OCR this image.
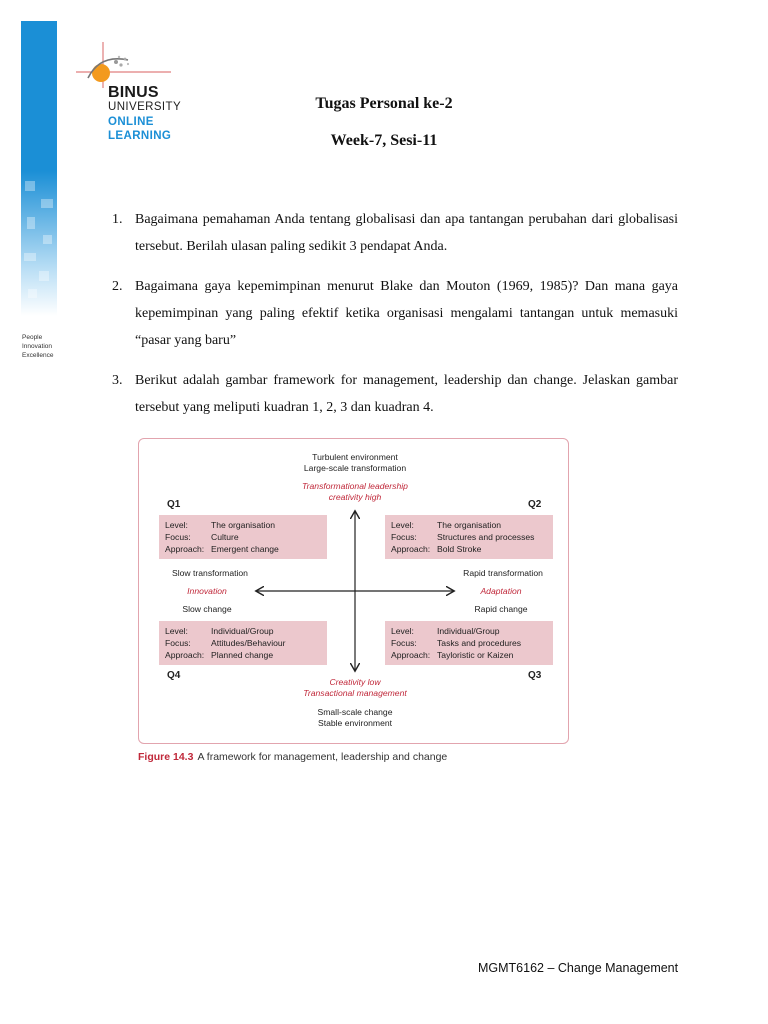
People
Innovation
Excellence
BINUS
UNIVERSITY
ONLINE
LEARNING
Tugas Personal ke-2
Week-7, Sesi-11
1. Bagaimana pemahaman Anda tentang globalisasi dan apa tantangan perubahan dari globalisasi tersebut. Berilah ulasan paling sedikit 3 pendapat Anda.
2. Bagaimana gaya kepemimpinan menurut Blake dan Mouton (1969, 1985)? Dan mana gaya kepemimpinan yang paling efektif ketika organisasi mengalami tantangan untuk memasuki “pasar yang baru”
3. Berikut adalah gambar framework for management, leadership dan change. Jelaskan gambar tersebut yang meliputi kuadran 1, 2, 3 dan kuadran 4.
Turbulent environment
Large-scale transformation
Transformational leadership
creativity high
Q1	Q2
Q4	Q3
Level:	The organisation
Focus:	Culture
Approach: Emergent change
Level:	The organisation
Focus:	Structures and processes
Approach: Bold Stroke
Level:	Individual/Group
Focus:	Attitudes/Behaviour
Approach: Planned change
Level:	Individual/Group
Focus:	Tasks and procedures
Approach: Tayloristic or Kaizen
Slow transformation
Innovation
Slow change
Rapid transformation
Adaptation
Rapid change
Creativity low
Transactional management
Small-scale change
Stable environment
Figure 14.3 A framework for management, leadership and change
MGMT6162 – Change Management
